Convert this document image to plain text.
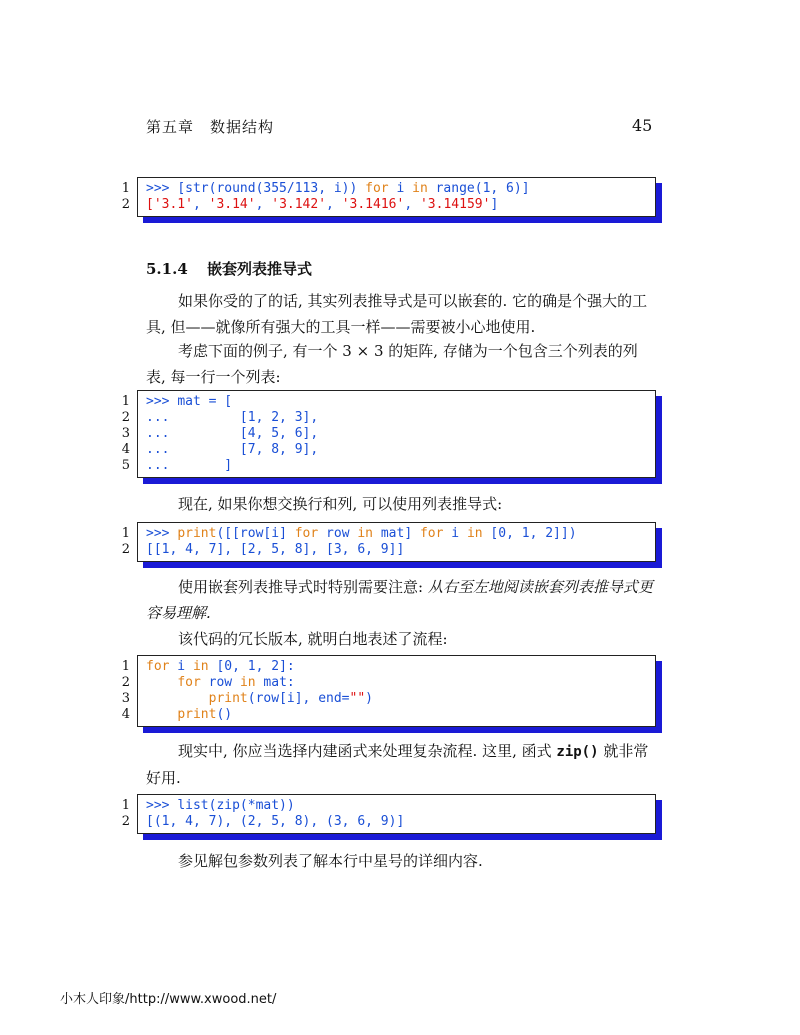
第五章　数据结构	45
1 >>> [str(round(355/113, i)) for i in range(1, 6)]
2 ['3.1', '3.14', '3.142', '3.1416', '3.14159']
5.1.4 嵌套列表推导式
如果你受的了的话, 其实列表推导式是可以嵌套的. 它的确是个强大的工具, 但——就像所有强大的工具一样——需要被小心地使用.
考虑下面的例子, 有一个 3 × 3 的矩阵, 存储为一个包含三个列表的列表, 每一行一个列表:
1 >>> mat = [
2 ...         [1, 2, 3],
3 ...         [4, 5, 6],
4 ...         [7, 8, 9],
5 ...       ]
现在, 如果你想交换行和列, 可以使用列表推导式:
1 >>> print([[row[i] for row in mat] for i in [0, 1, 2]])
2 [[1, 4, 7], [2, 5, 8], [3, 6, 9]]
使用嵌套列表推导式时特别需要注意: 从右至左地阅读嵌套列表推导式更容易理解.
该代码的冗长版本, 就明白地表述了流程:
1 for i in [0, 1, 2]:
2	for row in mat:
3	print(row[i], end="")
4	print()
现实中, 你应当选择内建函式来处理复杂流程. 这里, 函式 zip() 就非常好用.
1 >>> list(zip(*mat))
2 [(1, 4, 7), (2, 5, 8), (3, 6, 9)]
参见解包参数列表了解本行中星号的详细内容.
小木人印象/http://www.xwood.net/
